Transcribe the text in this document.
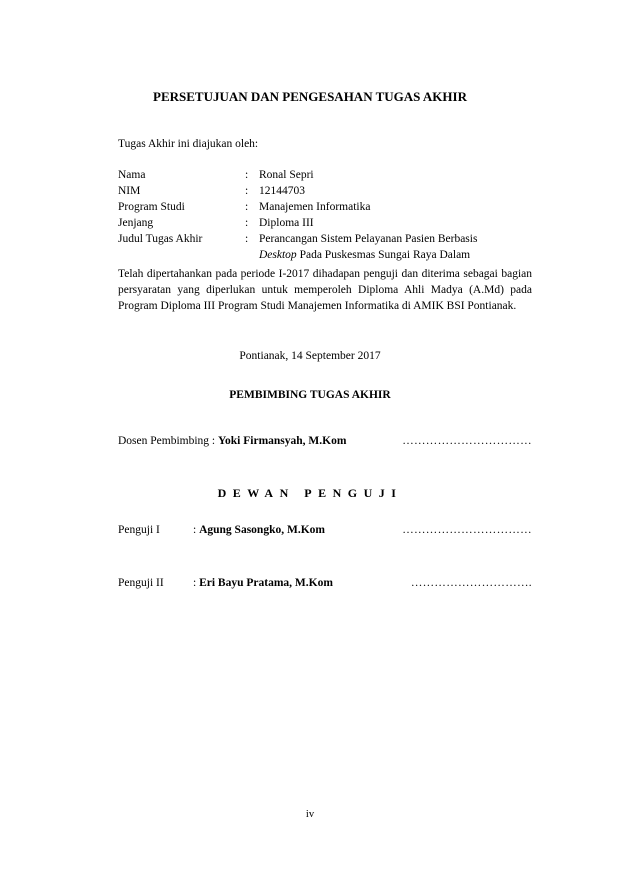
PERSETUJUAN DAN PENGESAHAN TUGAS AKHIR
Tugas Akhir ini diajukan oleh:
Nama	: Ronal Sepri
NIM	: 12144703
Program Studi	: Manajemen Informatika
Jenjang	: Diploma III
Judul Tugas Akhir	: Perancangan Sistem Pelayanan Pasien Berbasis
Desktop Pada Puskesmas Sungai Raya Dalam
Telah dipertahankan pada periode I-2017 dihadapan penguji dan diterima sebagai bagian persyaratan yang diperlukan untuk memperoleh Diploma Ahli Madya (A.Md) pada Program Diploma III Program Studi Manajemen Informatika di AMIK BSI Pontianak.
Pontianak, 14 September 2017
PEMBIMBING TUGAS AKHIR
Dosen Pembimbing : Yoki Firmansyah, M.Kom	……………………………
DEWAN PENGUJI
Penguji I	: Agung Sasongko, M.Kom	……………………………
Penguji II	: Eri Bayu Pratama, M.Kom	………………………….
iv
